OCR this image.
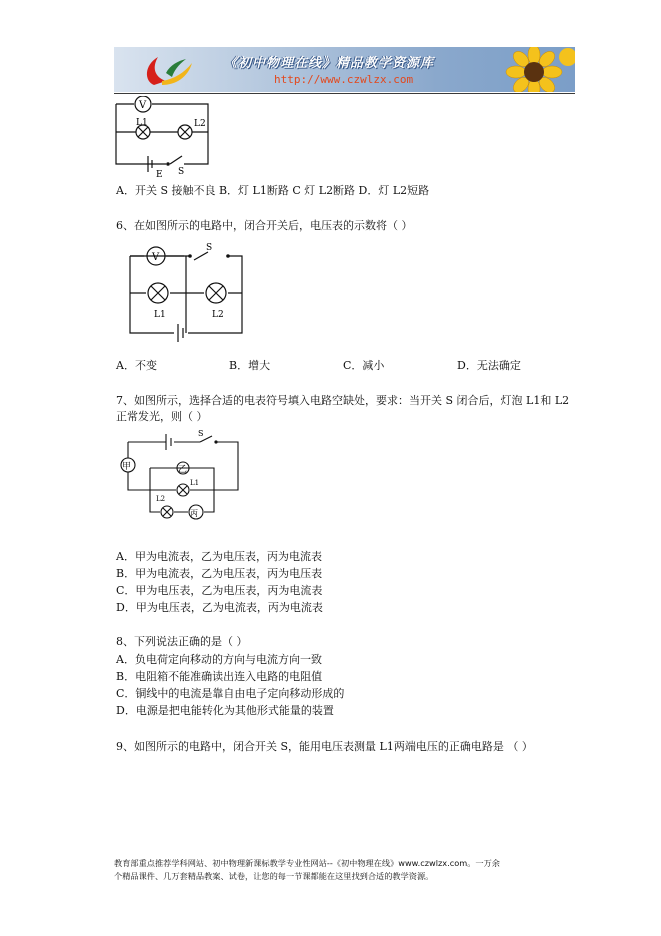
《初中物理在线》精品教学资源库
http://www.czwlzx.com
V
L1	L2
E S
A．开关 S 接触不良 B．灯 L1断路 C 灯 L2断路 D．灯 L2短路
6、在如图所示的电路中，闭合开关后，电压表的示数将（ ）
V
S
L1	L2
A．不变	B．增大	C．减小	D．无法确定
7、如图所示，选择合适的电表符号填入电路空缺处，要求：当开关 S 闭合后，灯泡 L1和 L2
正常发光，则（ ）
甲	乙
丙
S
L1
L2
A．甲为电流表，乙为电压表，丙为电流表
B．甲为电流表，乙为电压表，丙为电压表
C．甲为电压表，乙为电压表，丙为电流表
D．甲为电压表，乙为电流表，丙为电流表
8、下列说法正确的是（ ）
A．负电荷定向移动的方向与电流方向一致
B．电阻箱不能准确读出连入电路的电阻值
C．铜线中的电流是靠自由电子定向移动形成的
D．电源是把电能转化为其他形式能量的装置
9、如图所示的电路中，闭合开关 S，能用电压表测量 L1两端电压的正确电路是 （ ）
教育部重点推荐学科网站、初中物理新课标教学专业性网站--《初中物理在线》www.czwlzx.com。一万余
个精品课件、几万套精品教案、试卷，让您的每一节课都能在这里找到合适的教学资源。
